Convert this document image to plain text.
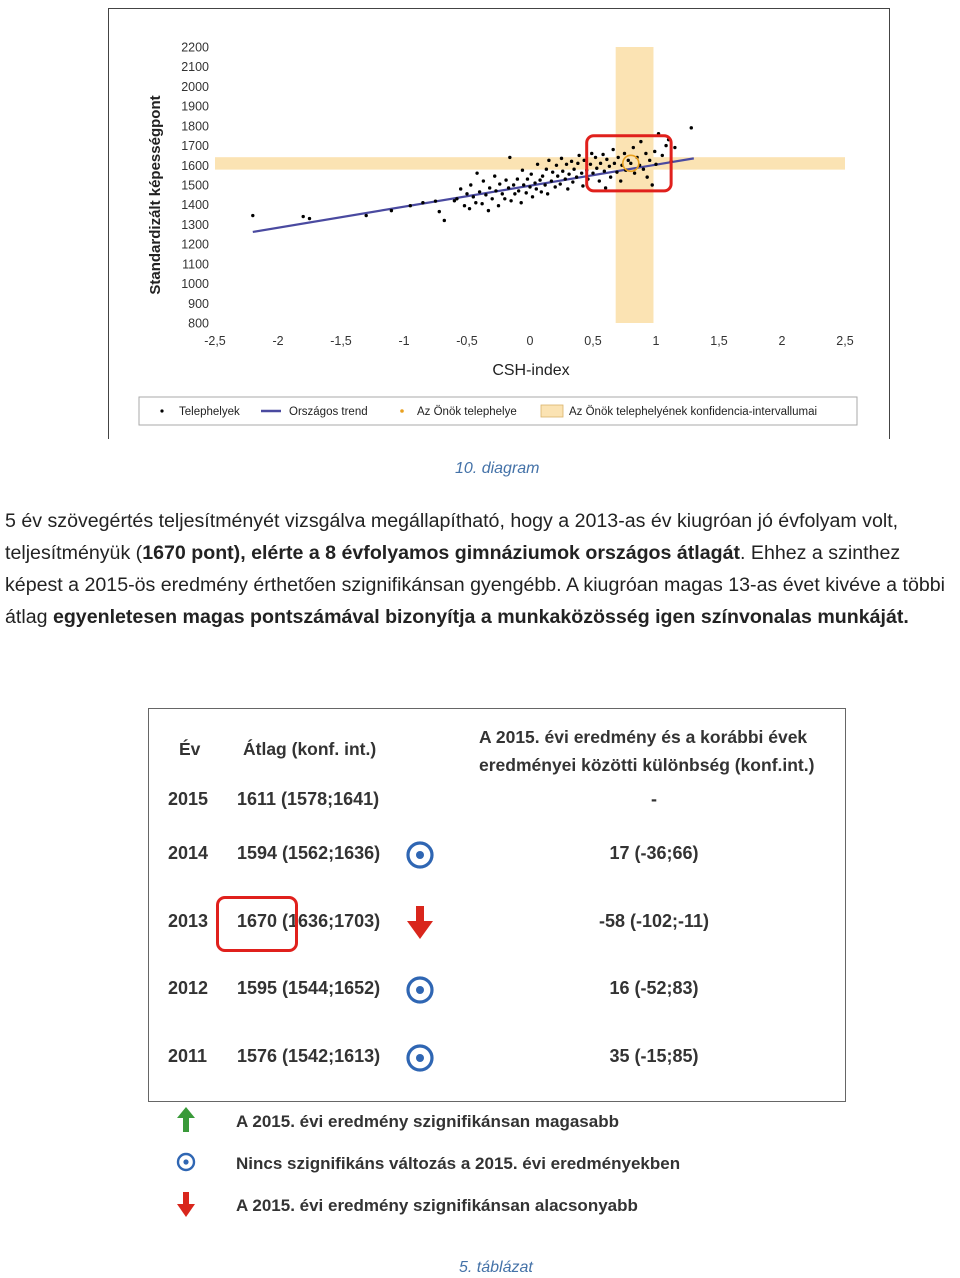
2200
2100
2000
1900
1800
1700
1600
1500
1400
1300
1200
1100
1000
900
800
-2,5	-2	-1,5	-1	-0,5	0	0,5	1	1,5	2	2,5
Standardizált képességpont
CSH-index
Telephelyek	Országos trend	Az Önök telephelye	Az Önök telephelyének konfidencia-intervallumai
10. diagram
5 év szövegértés teljesítményét vizsgálva megállapítható, hogy a 2013-as év kiugróan jó évfolyam volt, teljesítményük (1670 pont), elérte a 8 évfolyamos gimnáziumok országos átlagát. Ehhez a szinthez képest a 2015-ös eredmény érthetően szignifikánsan gyengébb. A kiugróan magas 13-as évet kivéve a többi átlag egyenletesen magas pontszámával bizonyítja a munkaközösség igen színvonalas munkáját.
Év Átlag (konf. int.)
A 2015. évi eredmény és a korábbi évek eredményei közötti különbség (konf.int.)
2015 1611 (1578;1641)	-
2014 1594 (1562;1636)	17 (-36;66)
2013 1670 (1636;1703)	-58 (-102;-11)
2012 1595 (1544;1652)	16 (-52;83)
2011 1576 (1542;1613)	35 (-15;85)
A 2015. évi eredmény szignifikánsan magasabb
Nincs szignifikáns változás a 2015. évi eredményekben
A 2015. évi eredmény szignifikánsan alacsonyabb
5. táblázat
